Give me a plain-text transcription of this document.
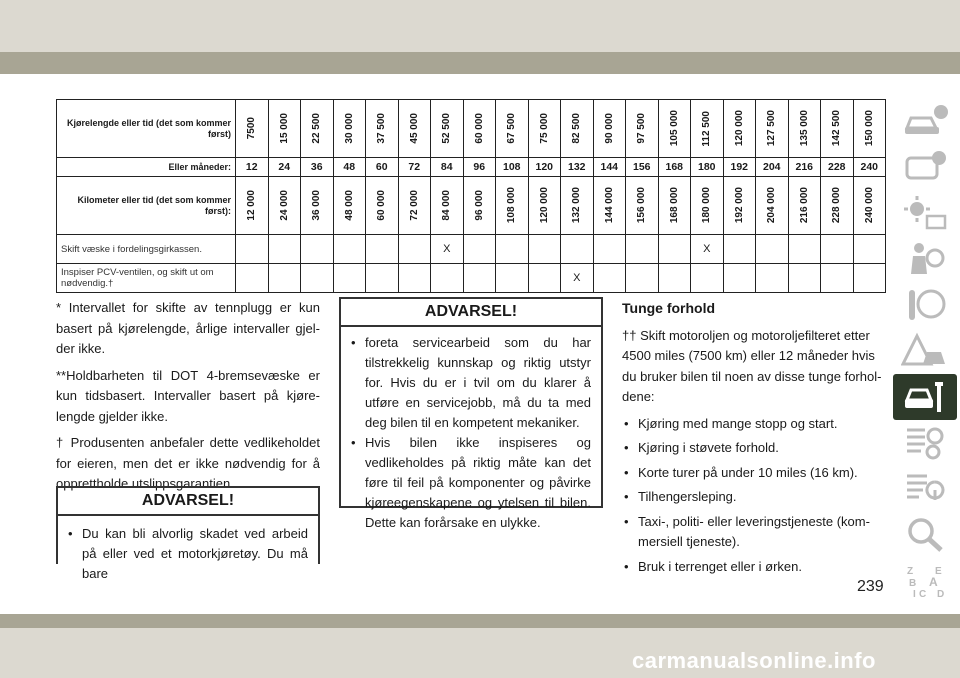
Kjørelengde eller tid (det som kommer først)	7500	15 000	22 500	30 000	37 500	45 000	52 500	60 000	67 500	75 000	82 500	90 000	97 500	105 000	112 500	120 000	127 500	135 000	142 500	150 000

Eller måneder:	12	24	36	48	60	72	84	96	108	120	132	144	156	168	180	192	204	216	228	240
Kilometer eller tid (det som kommer først):	12 000	24 000	36 000	48 000	60 000	72 000	84 000	96 000	108 000	120 000	132 000	144 000	156 000	168 000	180 000	192 000	204 000	216 000	228 000	240 000

Skift væske i fordelingsgirkassen.							X								X					
Inspiser PCV-ventilen, og skift ut om nødvendig.†											X									

* Intervallet for skifte av tennplugg er kun basert på kjørelengde, årlige intervaller gjelder ikke.

**Holdbarheten til DOT 4-bremsevæske er kun tidsbasert. Intervaller basert på kjørelengde gjelder ikke.

† Produsenten anbefaler dette vedlikeholdet for eieren, men det er ikke nødvendig for å opprettholde utslippsgarantien.

ADVARSEL!
• Du kan bli alvorlig skadet ved arbeid på eller ved et motorkjøretøy. Du må bare
ADVARSEL!
• foreta servicearbeid som du har tilstrekkelig kunnskap og riktig utstyr for. Hvis du er i tvil om du klarer å utføre en servicejobb, må du ta med deg bilen til en kompetent mekaniker.
• Hvis bilen ikke inspiseres og vedlikeholdes på riktig måte kan det føre til feil på komponenter og påvirke kjøreegenskapene og ytelsen til bilen. Dette kan forårsake en ulykke.
Tunge forhold

†† Skift motoroljen og motoroljefilteret etter 4500 miles (7500 km) eller 12 måneder hvis du bruker bilen til noen av disse tunge forholdene:

• Kjøring med mange stopp og start.
• Kjøring i støvete forhold.
• Korte turer på under 10 miles (16 km).
• Tilhengersleping.
• Taxi-, politi- eller leveringstjeneste (kommersiell tjeneste).
• Bruk i terrenget eller i ørken.	Z E
B A
I C D
239
carmanualsonline.info
